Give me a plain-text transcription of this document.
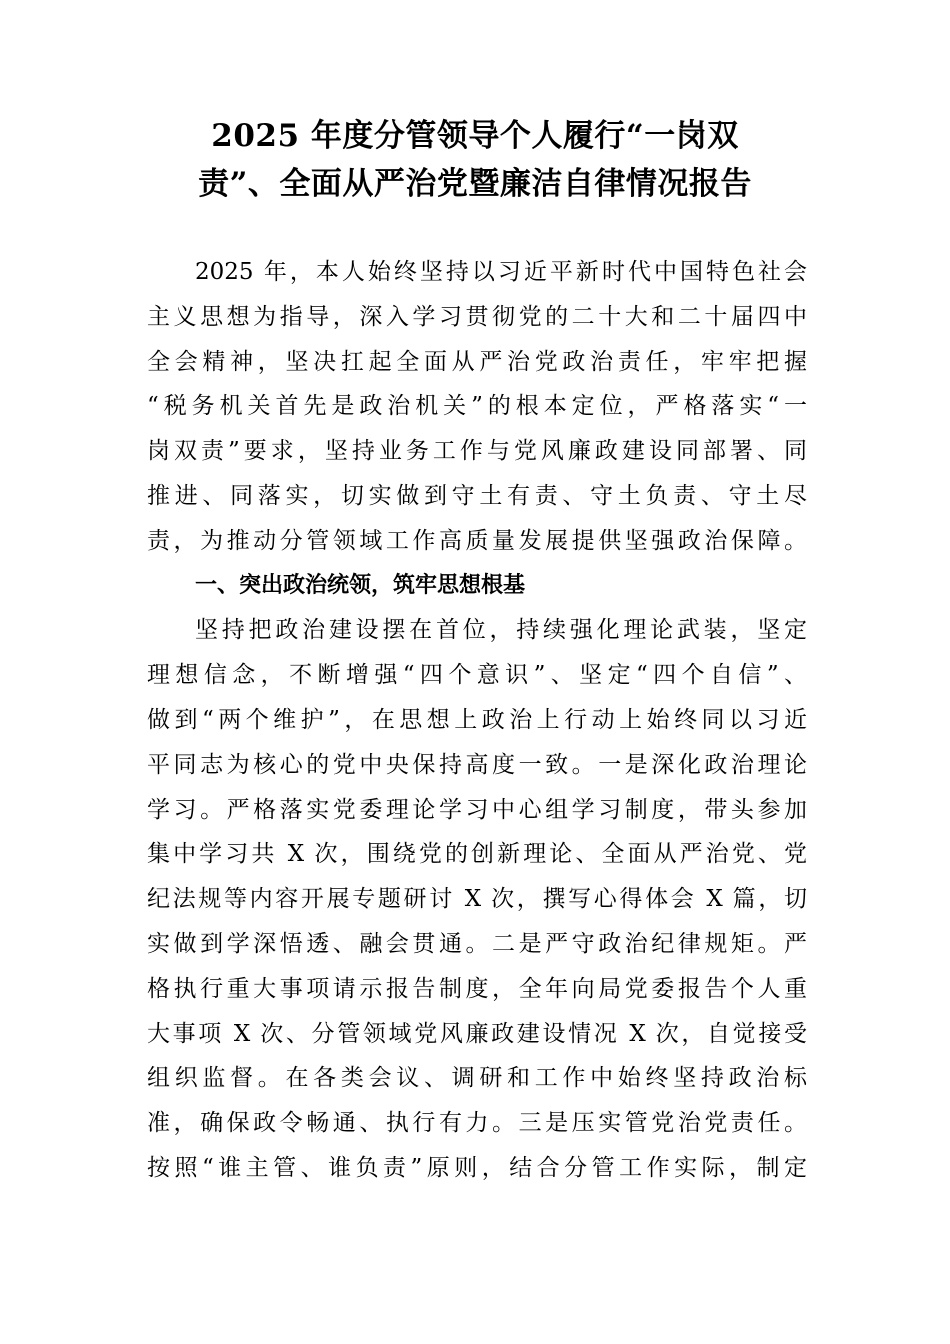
2025 年度分管领导个人履行“一岗双
责”、全面从严治党暨廉洁自律情况报告
2025 年，本人始终坚持以习近平新时代中国特色社会
主义思想为指导，深入学习贯彻党的二十大和二十届四中
全会精神，坚决扛起全面从严治党政治责任，牢牢把握
“税务机关首先是政治机关”的根本定位，严格落实“一
岗双责”要求，坚持业务工作与党风廉政建设同部署、同
推进、同落实，切实做到守土有责、守土负责、守土尽
责，为推动分管领域工作高质量发展提供坚强政治保障。
一、突出政治统领，筑牢思想根基
坚持把政治建设摆在首位，持续强化理论武装，坚定
理想信念，不断增强“四个意识”、坚定“四个自信”、
做到“两个维护”，在思想上政治上行动上始终同以习近
平同志为核心的党中央保持高度一致。一是深化政治理论
学习。严格落实党委理论学习中心组学习制度，带头参加
集中学习共 X 次，围绕党的创新理论、全面从严治党、党
纪法规等内容开展专题研讨 X 次，撰写心得体会 X 篇，切
实做到学深悟透、融会贯通。二是严守政治纪律规矩。严
格执行重大事项请示报告制度，全年向局党委报告个人重
大事项 X 次、分管领域党风廉政建设情况 X 次，自觉接受
组织监督。在各类会议、调研和工作中始终坚持政治标
准，确保政令畅通、执行有力。三是压实管党治党责任。
按照“谁主管、谁负责”原则，结合分管工作实际，制定
